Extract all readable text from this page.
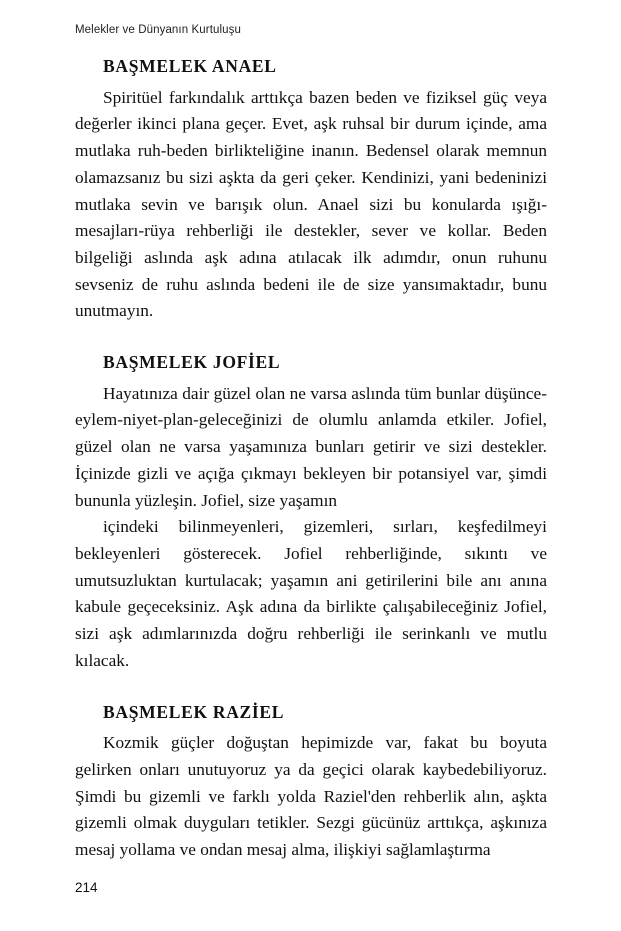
Melekler ve Dünyanın Kurtuluşu
BAŞMELEK ANAEL

Spiritüel farkındalık arttıkça bazen beden ve fiziksel güç veya değerler ikinci plana geçer. Evet, aşk ruhsal bir durum içinde, ama mutlaka ruh-beden birlikteliğine inanın. Bedensel olarak memnun olamazsanız bu sizi aşkta da geri çeker. Kendinizi, yani bedeninizi mutlaka sevin ve barışık olun. Anael sizi bu konularda ışığı-mesajları-rüya rehberliği ile destekler, sever ve kollar. Beden bilgeliği aslında aşk adına atılacak ilk adımdır, onun ruhunu sevseniz de ruhu aslında bedeni ile de size yansımaktadır, bunu unutmayın.

BAŞMELEK JOFİEL

Hayatınıza dair güzel olan ne varsa aslında tüm bunlar düşünce-eylem-niyet-plan-geleceğinizi de olumlu anlamda etkiler. Jofiel, güzel olan ne varsa yaşamınıza bunları getirir ve sizi destekler. İçinizde gizli ve açığa çıkmayı bekleyen bir potansiyel var, şimdi bununla yüzleşin. Jofiel, size yaşamın

içindeki bilinmeyenleri, gizemleri, sırları, keşfedilmeyi bekleyenleri gösterecek. Jofiel rehberliğinde, sıkıntı ve umutsuzluktan kurtulacak; yaşamın ani getirilerini bile anı anına kabule geçeceksiniz. Aşk adına da birlikte çalışabileceğiniz Jofiel, sizi aşk adımlarınızda doğru rehberliği ile serinkanlı ve mutlu kılacak.

BAŞMELEK RAZİEL

Kozmik güçler doğuştan hepimizde var, fakat bu boyuta gelirken onları unutuyoruz ya da geçici olarak kaybedebiliyoruz. Şimdi bu gizemli ve farklı yolda Raziel'den rehberlik alın, aşkta gizemli olmak duyguları tetikler. Sezgi gücünüz arttıkça, aşkınıza mesaj yollama ve ondan mesaj alma, ilişkiyi sağlamlaştırma

214
